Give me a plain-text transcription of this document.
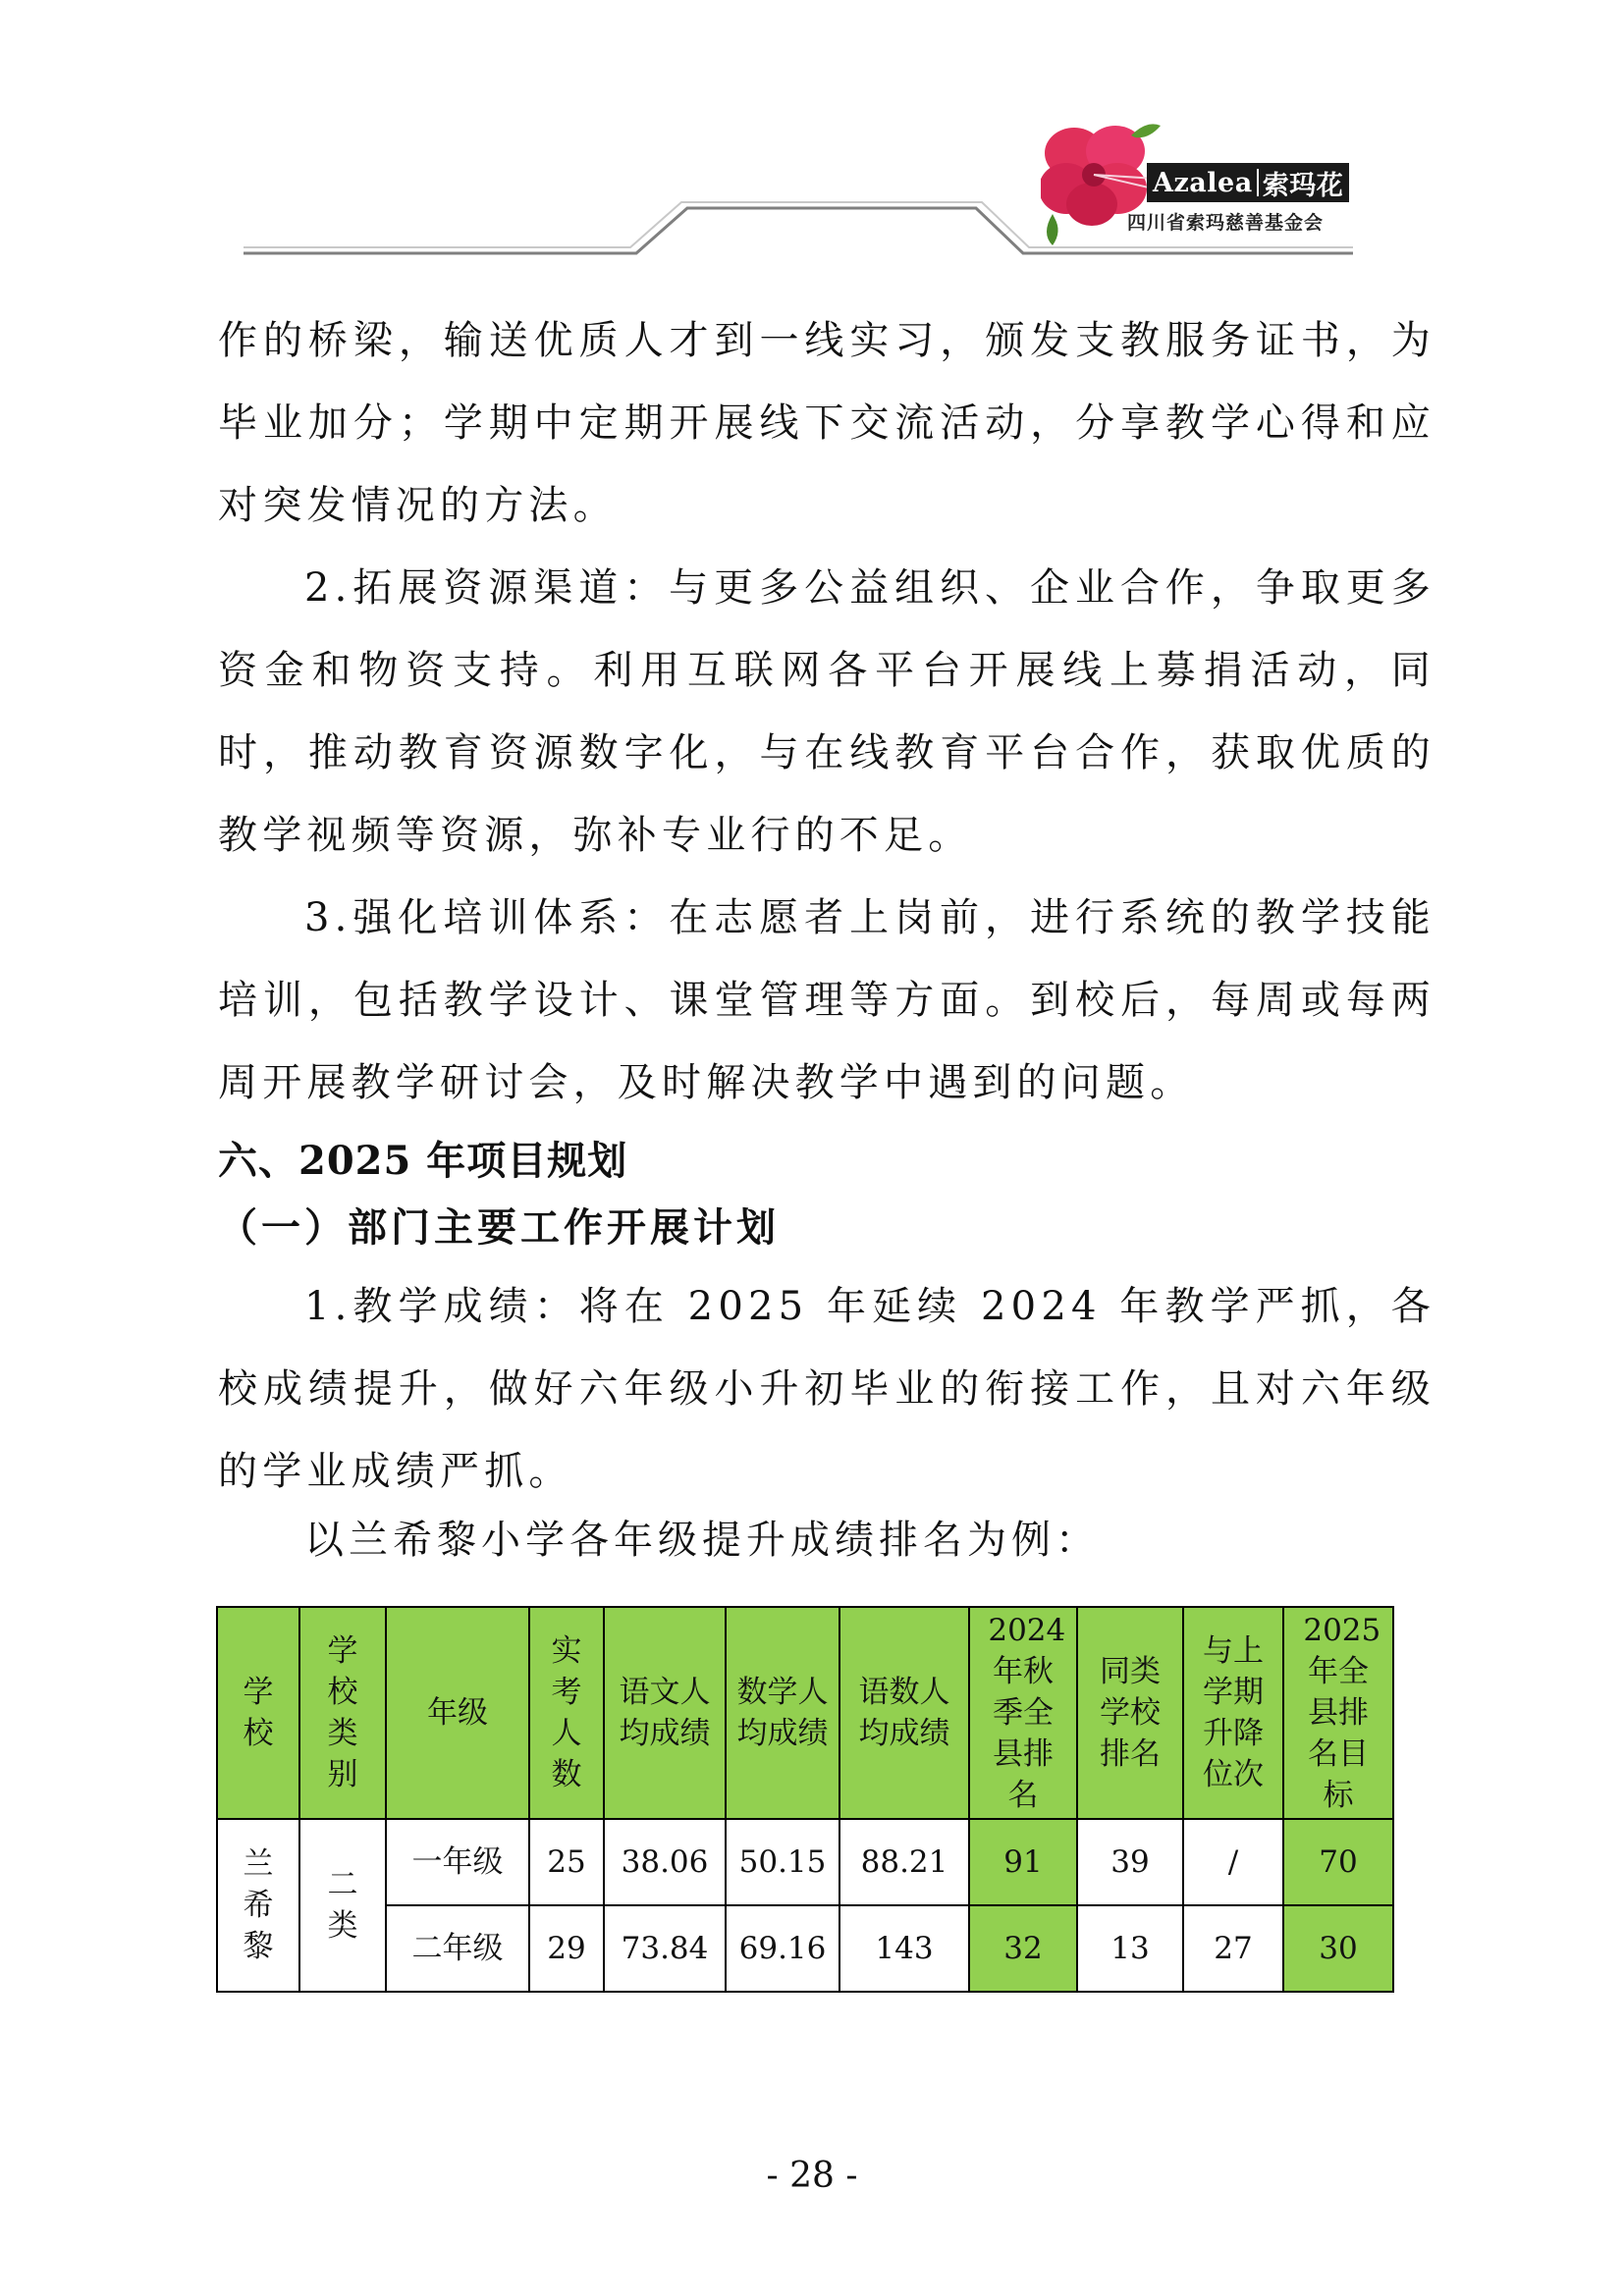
Azalea 索玛花
四川省索玛慈善基金会

作的桥梁，输送优质人才到一线实习，颁发支教服务证书，为毕业加分；学期中定期开展线下交流活动，分享教学心得和应对突发情况的方法。

2.拓展资源渠道：与更多公益组织、企业合作，争取更多资金和物资支持。利用互联网各平台开展线上募捐活动，同时，推动教育资源数字化，与在线教育平台合作，获取优质的教学视频等资源，弥补专业行的不足。

3.强化培训体系：在志愿者上岗前，进行系统的教学技能培训，包括教学设计、课堂管理等方面。到校后，每周或每两周开展教学研讨会，及时解决教学中遇到的问题。

六、2025 年项目规划

（一）部门主要工作开展计划

1.教学成绩：将在 2025 年延续 2024 年教学严抓，各校成绩提升，做好六年级小升初毕业的衔接工作，且对六年级的学业成绩严抓。

以兰希黎小学各年级提升成绩排名为例：

学校	学校类别	年级	实考人数	语文人均成绩	数学人均成绩	语数人均成绩	2024年秋季全县排名	同类学校排名	与上学期升降位次	2025年全县排名目标
兰希黎	二类	一年级	25	38.06	50.15	88.21	91	39	/	70
		二年级	29	73.84	69.16	143	32	13	27	30
- 28 -
